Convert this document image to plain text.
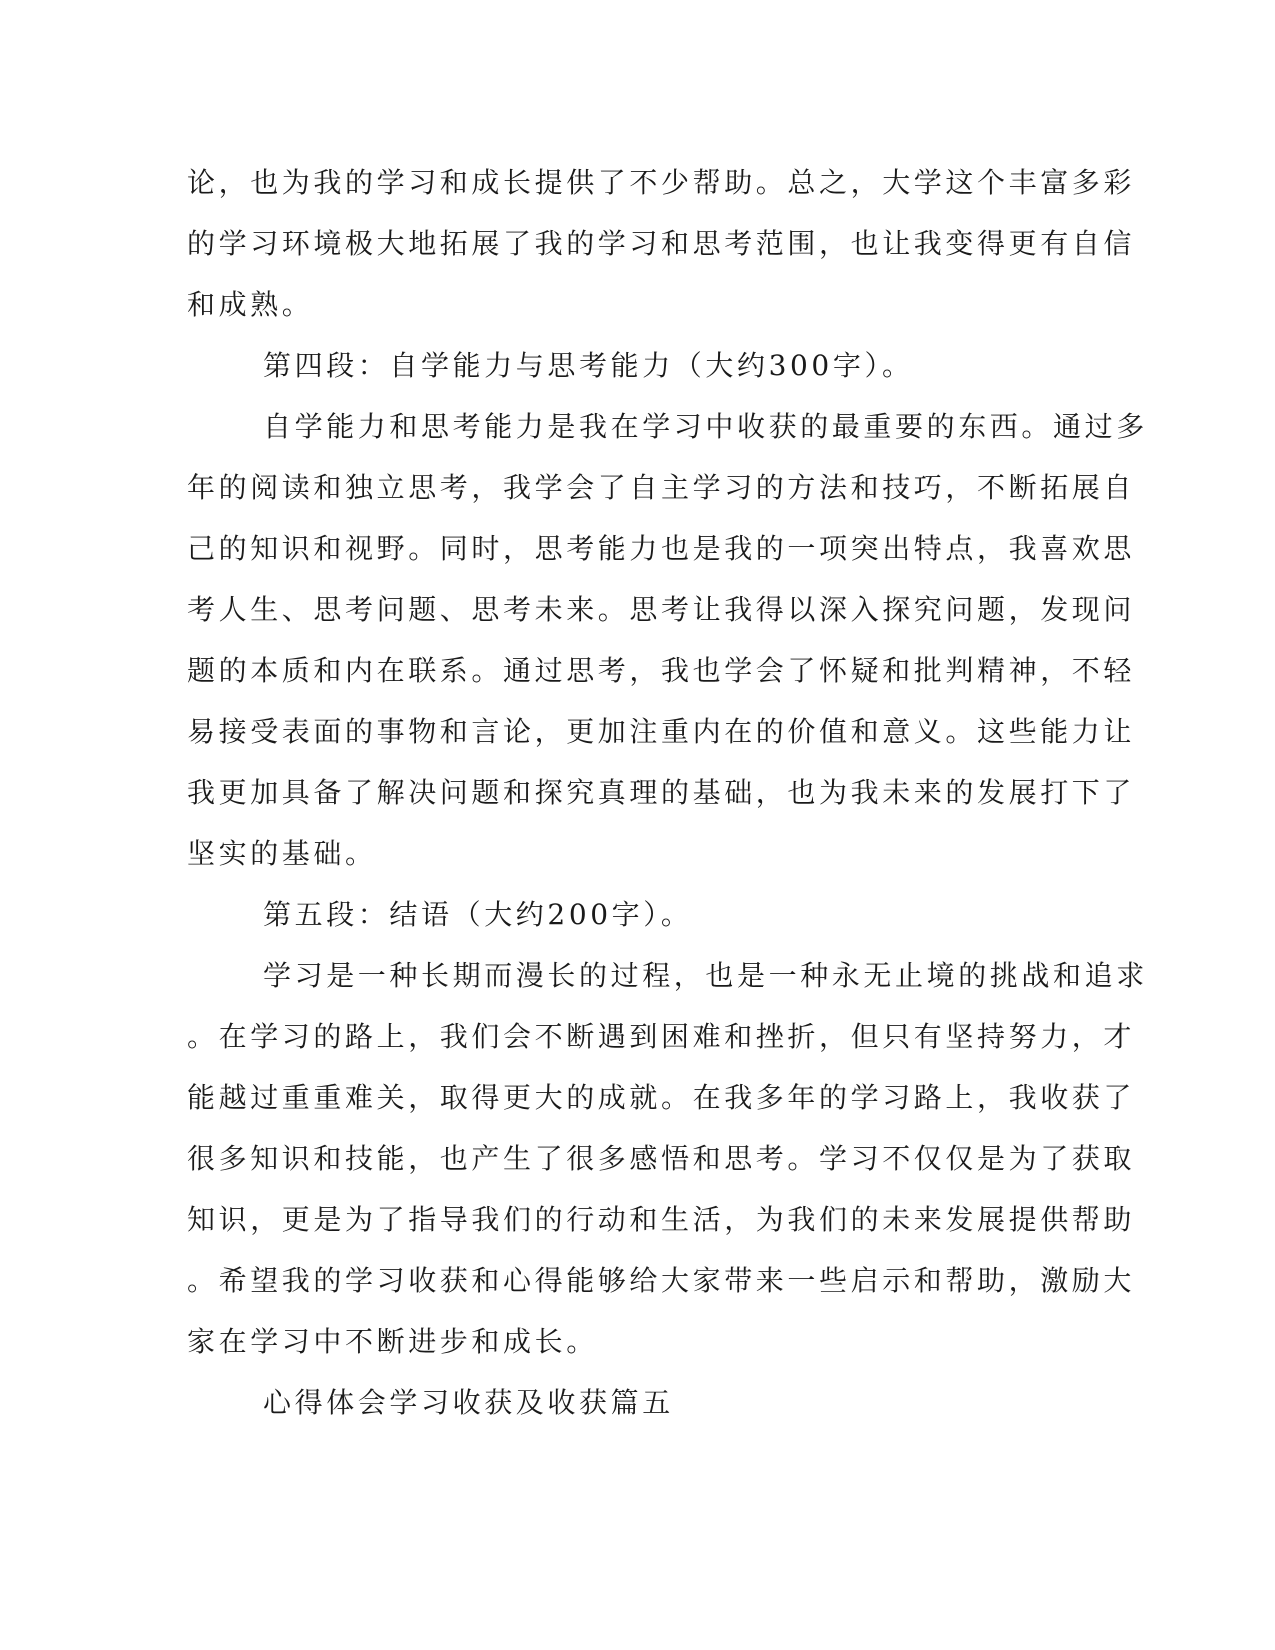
论，也为我的学习和成长提供了不少帮助。总之，大学这个丰富多彩
的学习环境极大地拓展了我的学习和思考范围，也让我变得更有自信
和成熟。
第四段：自学能力与思考能力（大约300字）。
自学能力和思考能力是我在学习中收获的最重要的东西。通过多
年的阅读和独立思考，我学会了自主学习的方法和技巧，不断拓展自
己的知识和视野。同时，思考能力也是我的一项突出特点，我喜欢思
考人生、思考问题、思考未来。思考让我得以深入探究问题，发现问
题的本质和内在联系。通过思考，我也学会了怀疑和批判精神，不轻
易接受表面的事物和言论，更加注重内在的价值和意义。这些能力让
我更加具备了解决问题和探究真理的基础，也为我未来的发展打下了
坚实的基础。
第五段：结语（大约200字）。
学习是一种长期而漫长的过程，也是一种永无止境的挑战和追求
。在学习的路上，我们会不断遇到困难和挫折，但只有坚持努力，才
能越过重重难关，取得更大的成就。在我多年的学习路上，我收获了
很多知识和技能，也产生了很多感悟和思考。学习不仅仅是为了获取
知识，更是为了指导我们的行动和生活，为我们的未来发展提供帮助
。希望我的学习收获和心得能够给大家带来一些启示和帮助，激励大
家在学习中不断进步和成长。
心得体会学习收获及收获篇五
